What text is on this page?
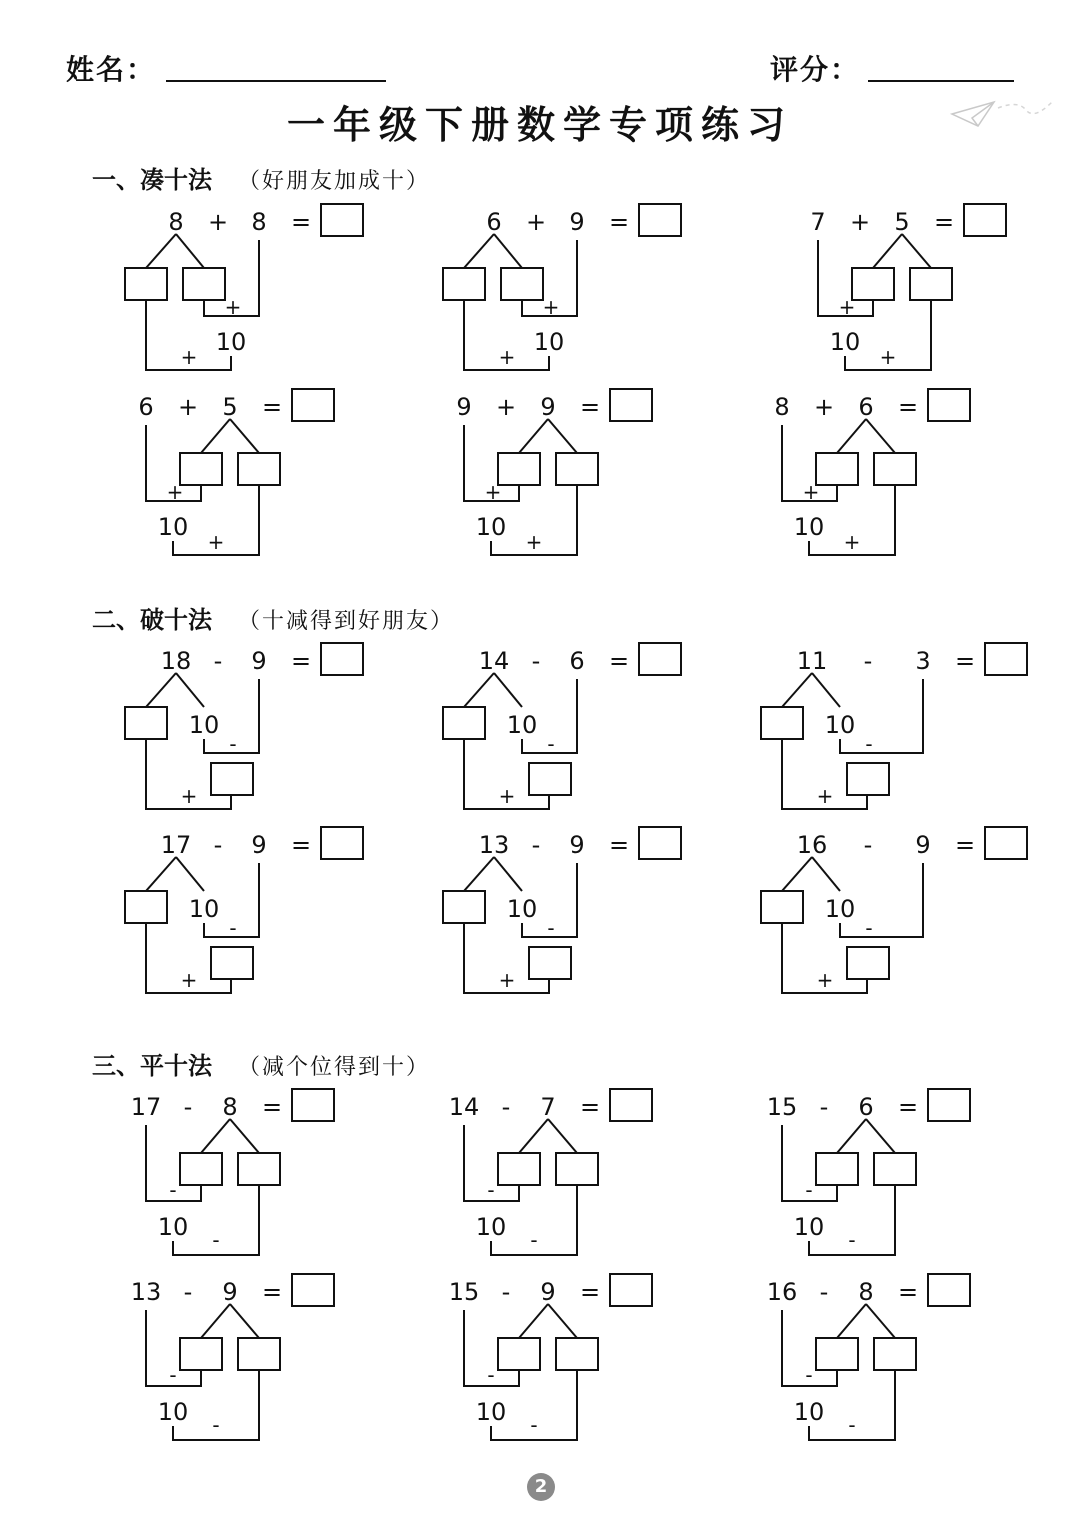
姓名：	评分：
一年级下册数学专项练习
一、凑十法 （好朋友加成十）
二、破十法 （十减得到好朋友）
三、平十法 （减个位得到十）
8 + 8 =
+
10
+
6 + 9 =
+
10
+
7 + 5 =
+
10
+
6 + 5 =
+
10
+
9 + 9 =
+
10
+
8 + 6 =
+
10
+
18 - 9 =
10
-
+
14 - 6 =
10
-
+
11 - 3 =
10
-
+
17 - 9 =
10
-
+
13 - 9 =
10
-
+
16 - 9 =
10
-
+
17 - 8 =
-
10 -
14 - 7 =
-
10 -
15 - 6 =
-
10 -
13 - 9 =
-
10 -
15 - 9 =
-
10 -
16 - 8 =
-
10 -
2
